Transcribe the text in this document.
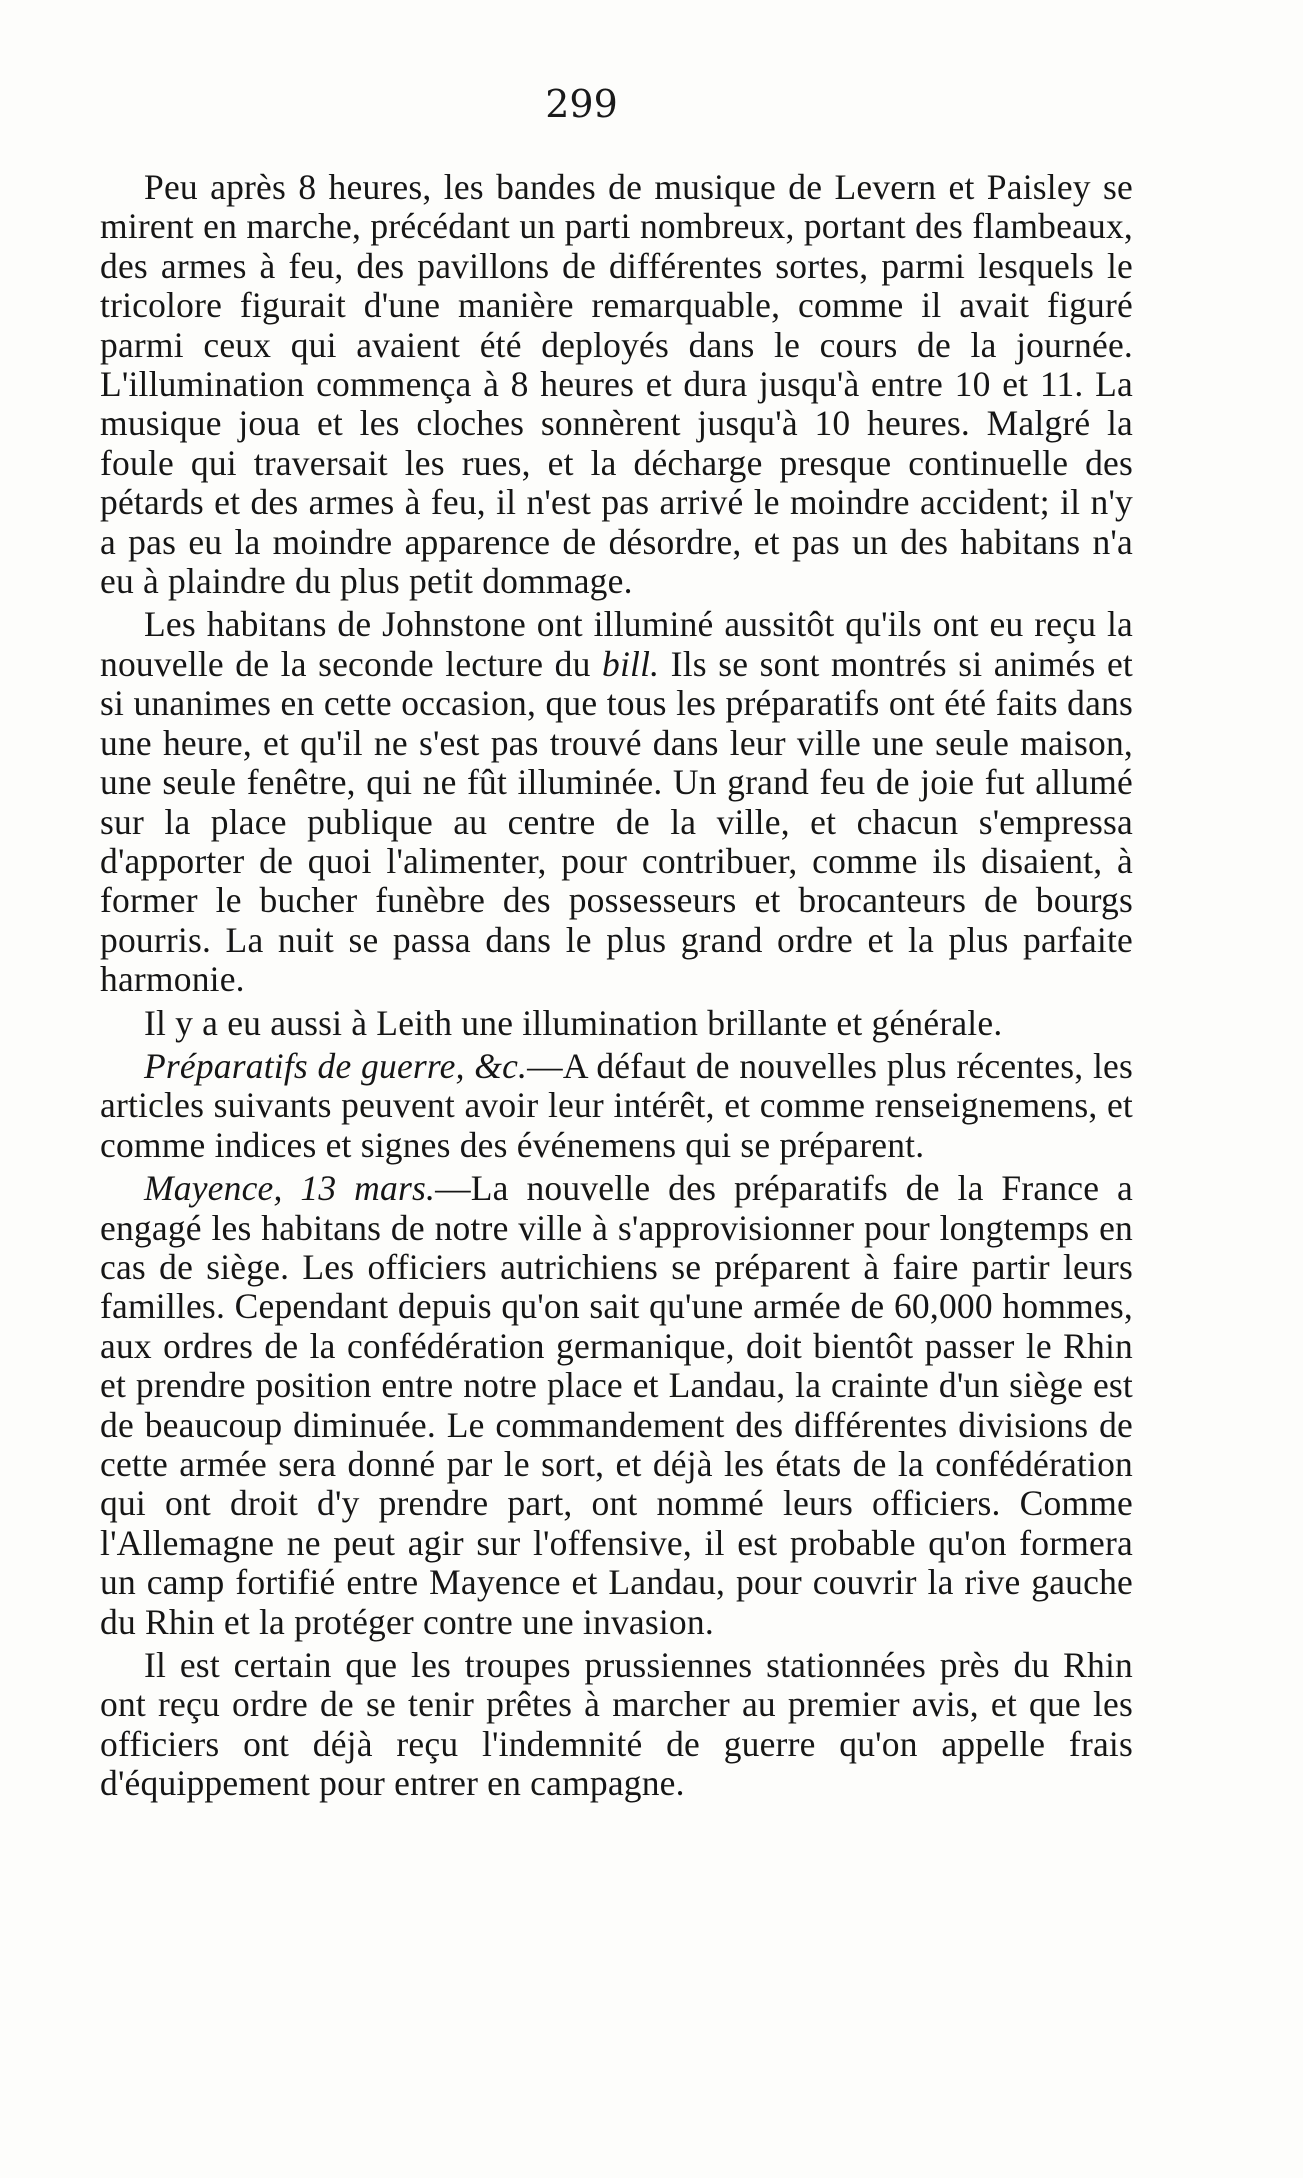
299

Peu après 8 heures, les bandes de musique de Levern et Paisley se mirent en marche, précédant un parti nombreux, portant des flambeaux, des armes à feu, des pavillons de différentes sortes, parmi lesquels le tricolore figurait d'une manière remarquable, comme il avait figuré parmi ceux qui avaient été deployés dans le cours de la journée. L'illumination commença à 8 heures et dura jusqu'à entre 10 et 11. La musique joua et les cloches sonnèrent jusqu'à 10 heures. Malgré la foule qui traversait les rues, et la décharge presque continuelle des pétards et des armes à feu, il n'est pas arrivé le moindre accident; il n'y a pas eu la moindre apparence de désordre, et pas un des habitans n'a eu à plaindre du plus petit dommage.

Les habitans de Johnstone ont illuminé aussitôt qu'ils ont eu reçu la nouvelle de la seconde lecture du bill. Ils se sont montrés si animés et si unanimes en cette occasion, que tous les préparatifs ont été faits dans une heure, et qu'il ne s'est pas trouvé dans leur ville une seule maison, une seule fenêtre, qui ne fût illuminée. Un grand feu de joie fut allumé sur la place publique au centre de la ville, et chacun s'empressa d'apporter de quoi l'alimenter, pour contribuer, comme ils disaient, à former le bucher funèbre des possesseurs et brocanteurs de bourgs pourris. La nuit se passa dans le plus grand ordre et la plus parfaite harmonie.

Il y a eu aussi à Leith une illumination brillante et générale.

Préparatifs de guerre, &c.—A défaut de nouvelles plus récentes, les articles suivants peuvent avoir leur intérêt, et comme renseignemens, et comme indices et signes des événemens qui se préparent.

Mayence, 13 mars.—La nouvelle des préparatifs de la France a engagé les habitans de notre ville à s'approvisionner pour longtemps en cas de siège. Les officiers autrichiens se préparent à faire partir leurs familles. Cependant depuis qu'on sait qu'une armée de 60,000 hommes, aux ordres de la confédération germanique, doit bientôt passer le Rhin et prendre position entre notre place et Landau, la crainte d'un siège est de beaucoup diminuée. Le commandement des différentes divisions de cette armée sera donné par le sort, et déjà les états de la confédération qui ont droit d'y prendre part, ont nommé leurs officiers. Comme l'Allemagne ne peut agir sur l'offensive, il est probable qu'on formera un camp fortifié entre Mayence et Landau, pour couvrir la rive gauche du Rhin et la protéger contre une invasion.

Il est certain que les troupes prussiennes stationnées près du Rhin ont reçu ordre de se tenir prêtes à marcher au premier avis, et que les officiers ont déjà reçu l'indemnité de guerre qu'on appelle frais d'équippement pour entrer en campagne.
